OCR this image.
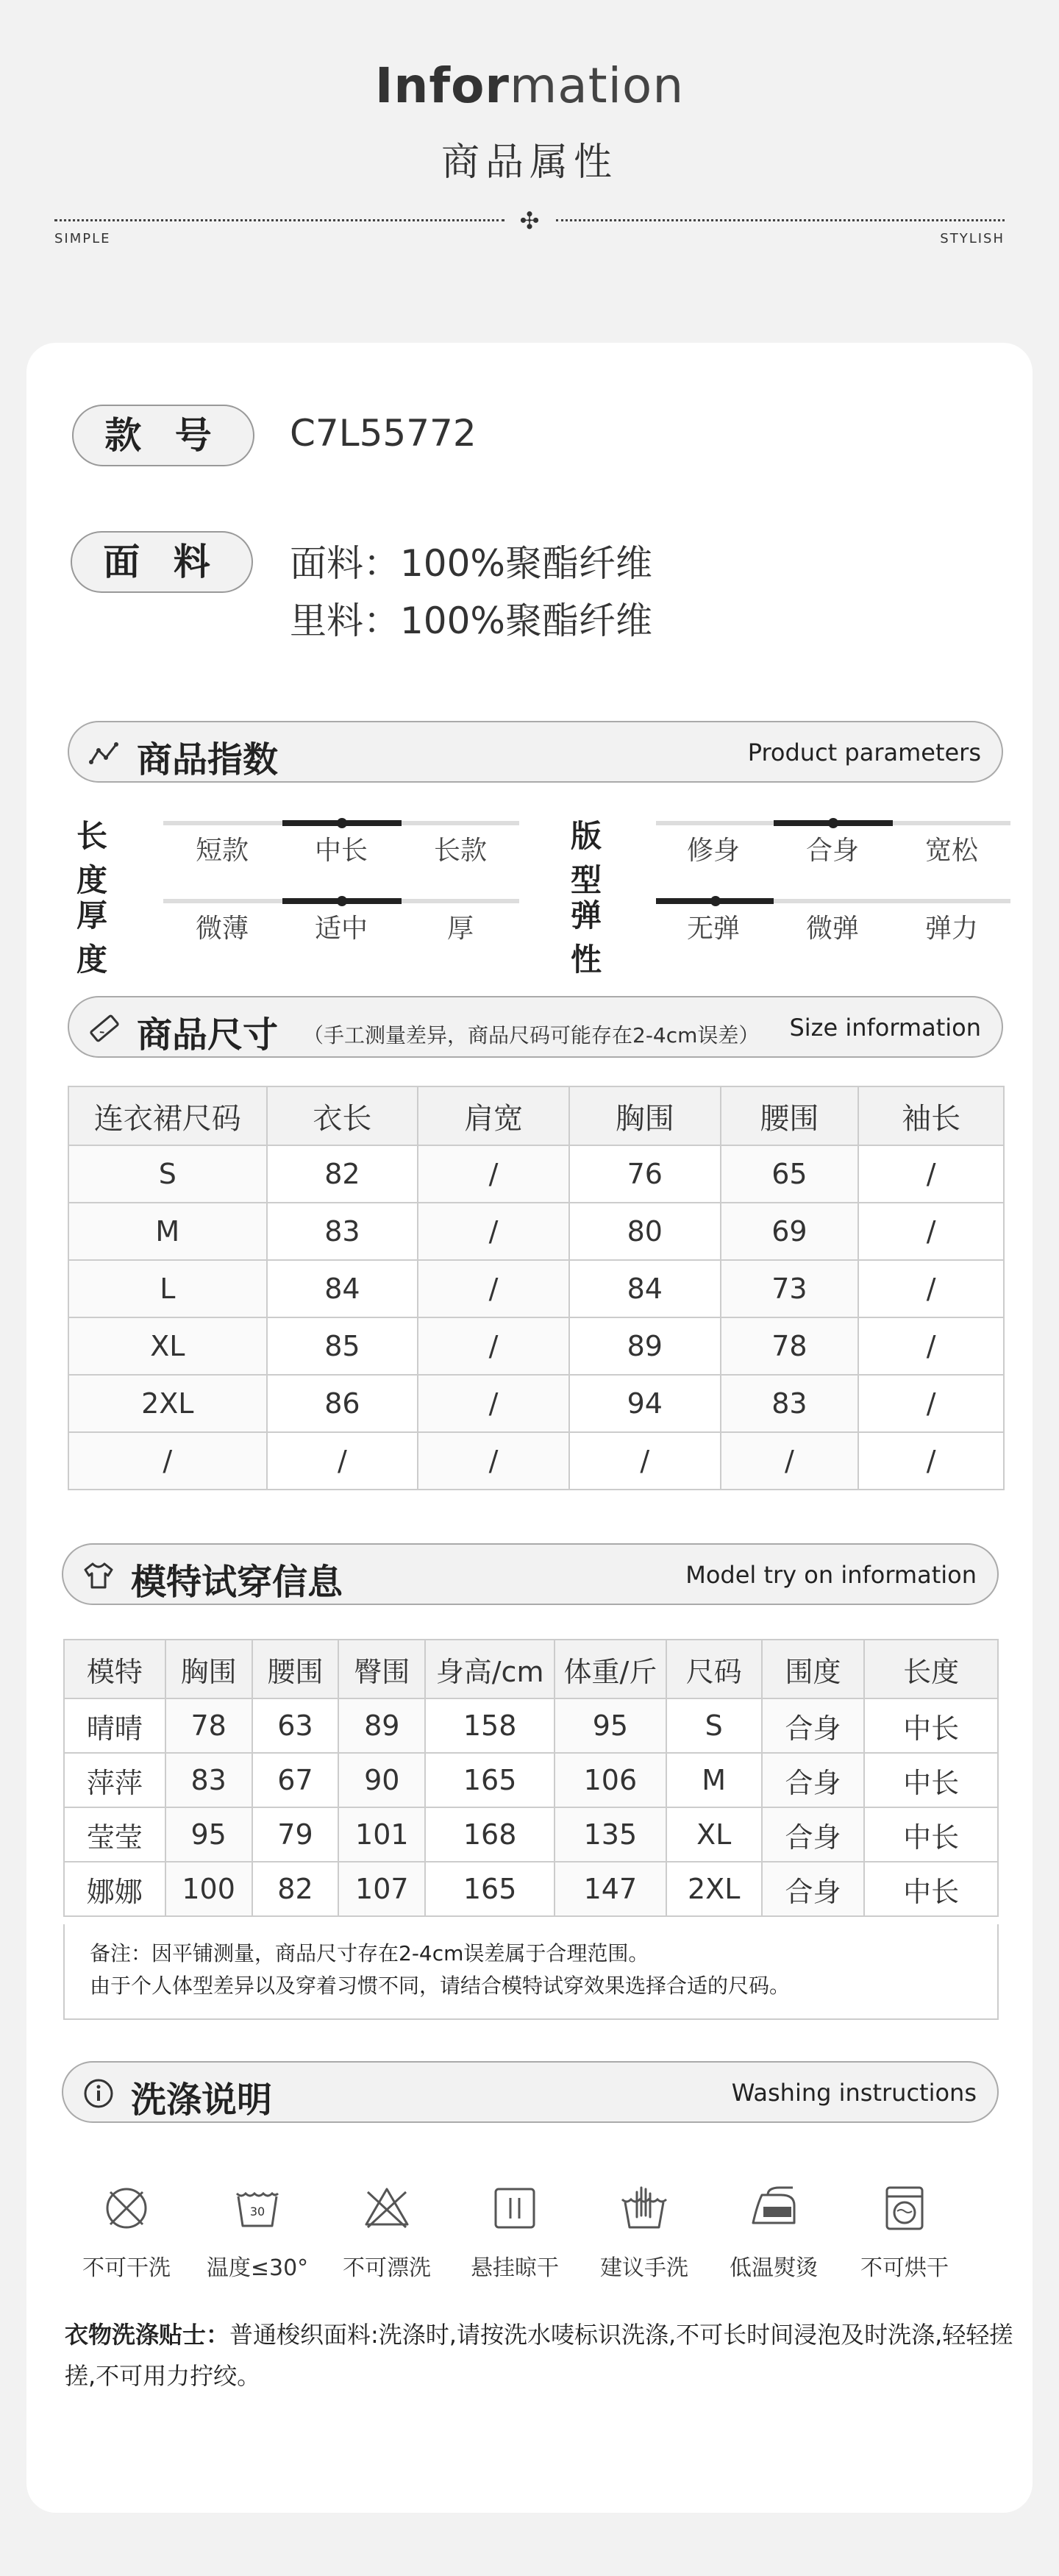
Information
商品属性
✣
SIMPLE	STYLISH
款 号	C7L55772
面 料	面料：100%聚酯纤维
里料：100%聚酯纤维
商品指数	Product parameters
长度
短款	中长	长款	版型
修身	合身	宽松
厚度
微薄	适中	厚	弹性
无弹	微弹	弹力
商品尺寸 （手工测量差异，商品尺码可能存在2-4cm误差） Size information
连衣裙尺码	衣长	肩宽	胸围	腰围	袖长
S	82	/	76	65	/
M	83	/	80	69	/
L	84	/	84	73	/
XL	85	/	89	78	/
2XL	86	/	94	83	/
/	/	/	/	/	/
模特试穿信息	Model try on information
模特	胸围	腰围	臀围	身高/cm	体重/斤	尺码	围度	长度
晴晴	78	63	89	158	95	S	合身	中长
萍萍	83	67	90	165	106	M	合身	中长
莹莹	95	79	101	168	135	XL	合身	中长
娜娜	100	82	107	165	147	2XL	合身	中长
备注：因平铺测量，商品尺寸存在2-4cm误差属于合理范围。
由于个人体型差异以及穿着习惯不同，请结合模特试穿效果选择合适的尺码。
洗涤说明	Washing instructions
不可干洗
30
温度≤30°	不可漂洗	悬挂晾干	建议手洗	低温熨烫	不可烘干
衣物洗涤贴士：普通梭织面料:洗涤时,请按洗水唛标识洗涤,不可长时间浸泡及时洗涤,轻轻搓搓,不可用力拧绞。
